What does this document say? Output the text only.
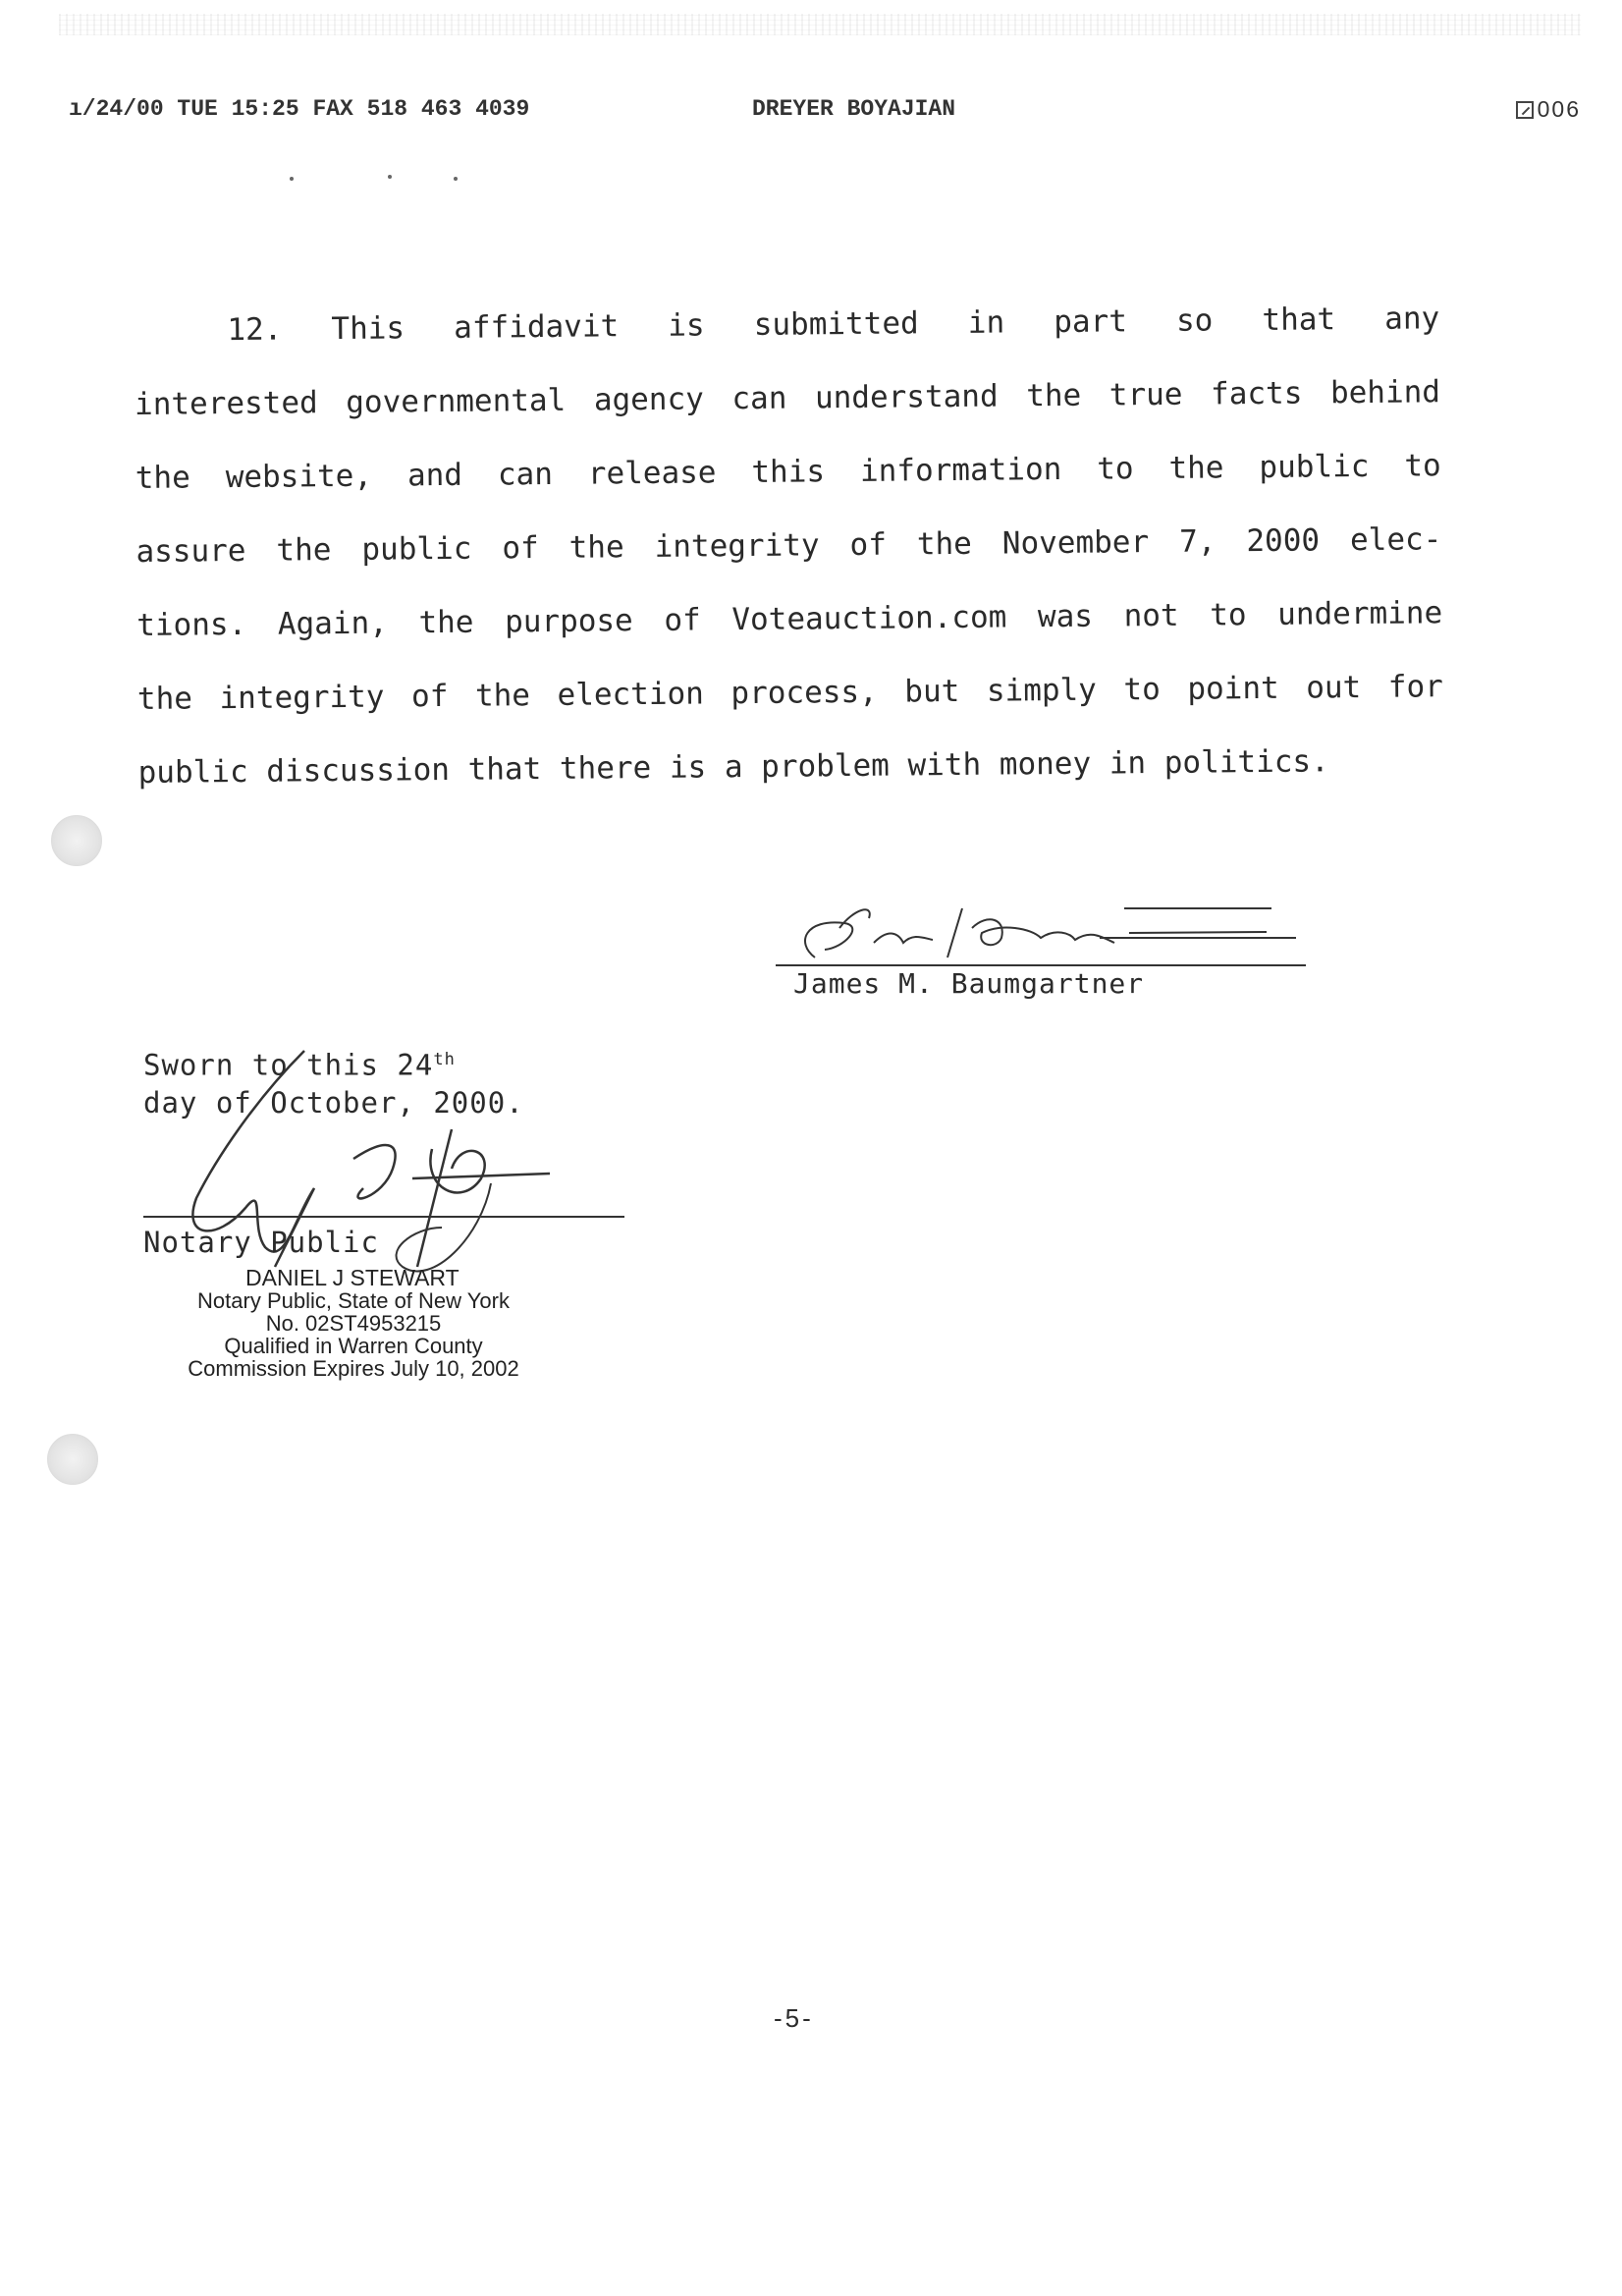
ı/24/00 TUE 15:25 FAX 518 463 4039	DREYER BOYAJIAN	006
12. This affidavit is submitted in part so that any
interested governmental agency can understand the true facts behind
the website, and can release this information to the public to
assure the public of the integrity of the November 7, 2000 elec-
tions. Again, the purpose of Voteauction.com was not to undermine
the integrity of the election process, but simply to point out for
public discussion that there is a problem with money in politics.
James M. Baumgartner
Sworn to this 24th
day of October, 2000.
Notary Public
DANIEL J STEWART
Notary Public, State of New York
No. 02ST4953215
Qualified in Warren County
Commission Expires July 10, 2002
-5-
